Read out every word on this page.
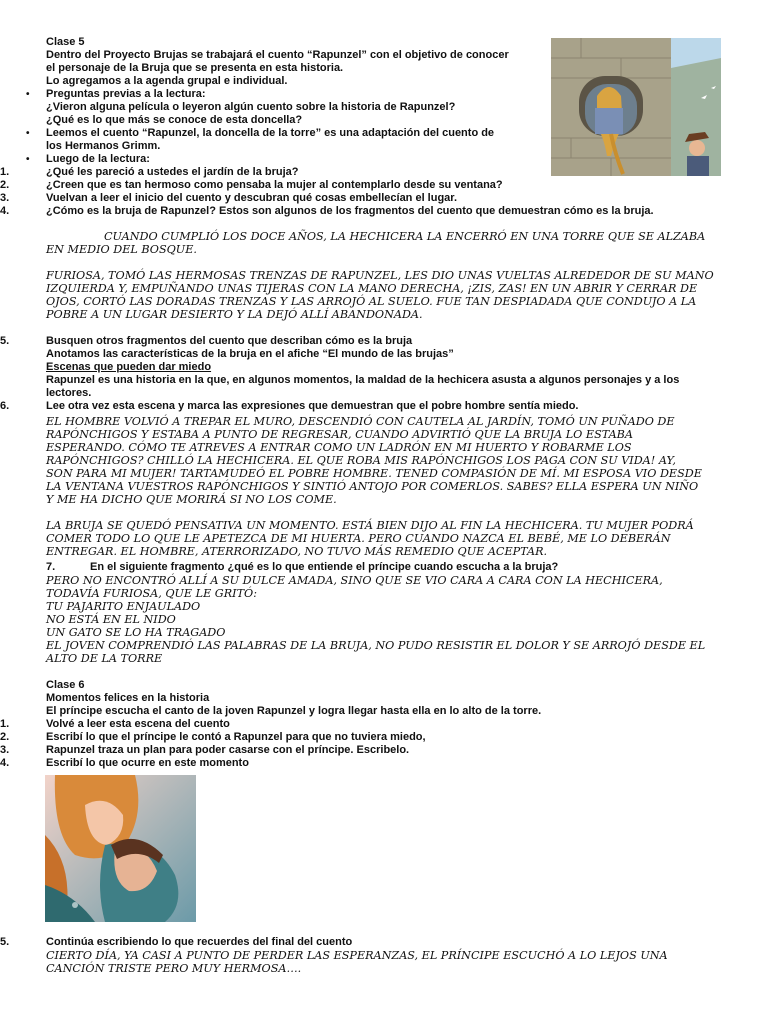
Clase 5
Dentro del Proyecto Brujas se trabajará el cuento “Rapunzel” con el objetivo de conocer
el personaje de la Bruja que se presenta en esta historia.
Lo agregamos a la agenda grupal e individual.
•	Preguntas previas a la lectura:
¿Vieron alguna película o leyeron algún cuento sobre la historia de Rapunzel?
¿Qué es lo que más se conoce de esta doncella?
•	Leemos el cuento “Rapunzel, la doncella de la torre” es una adaptación del cuento de
los Hermanos Grimm.
•	Luego de la lectura:
1.	¿Qué les pareció a ustedes el jardín de la bruja?
2.	¿Creen que es tan hermoso como pensaba la mujer al contemplarlo desde su ventana?
3.	Vuelvan a leer el inicio del cuento y descubran qué cosas embellecían el lugar.
4.	¿Cómo es la bruja de Rapunzel? Estos son algunos de los fragmentos del cuento que demuestran cómo es la bruja.
CUANDO CUMPLIÓ LOS DOCE AÑOS, LA HECHICERA LA ENCERRÓ EN UNA TORRE QUE SE ALZABA
EN MEDIO DEL BOSQUE.
FURIOSA, TOMÓ LAS HERMOSAS TRENZAS DE RAPUNZEL, LES DIO UNAS VUELTAS ALREDEDOR DE SU MANO
IZQUIERDA Y, EMPUÑANDO UNAS TIJERAS CON LA MANO DERECHA, ¡ZIS, ZAS! EN UN ABRIR Y CERRAR DE
OJOS, CORTÓ LAS DORADAS TRENZAS Y LAS ARROJÓ AL SUELO. FUE TAN DESPIADADA QUE CONDUJO A LA
POBRE A UN LUGAR DESIERTO Y LA DEJÓ ALLÍ ABANDONADA.
5.	Busquen otros fragmentos del cuento que describan cómo es la bruja
Anotamos las características de la bruja en el afiche “El mundo de las brujas”
Escenas que pueden dar miedo
Rapunzel es una historia en la que, en algunos momentos, la maldad de la hechicera asusta a algunos personajes y a los
lectores.
6.	Lee otra vez esta escena y marca las expresiones que demuestran que el pobre hombre sentía miedo.
EL HOMBRE VOLVIÓ A TREPAR EL MURO, DESCENDIÓ CON CAUTELA AL JARDÍN, TOMÓ UN PUÑADO DE
RAPÓNCHIGOS Y ESTABA A PUNTO DE REGRESAR, CUANDO ADVIRTIÓ QUE LA BRUJA LO ESTABA
ESPERANDO. CÓMO TE ATREVES A ENTRAR COMO UN LADRÓN EN MI HUERTO Y ROBARME LOS
RAPÓNCHIGOS? CHILLÓ LA HECHICERA. EL QUE ROBA MIS RAPÓNCHIGOS LOS PAGA CON SU VIDA! AY,
SON PARA MI MUJER! TARTAMUDEÓ EL POBRE HOMBRE. TENED COMPASIÓN DE MÍ. MI ESPOSA VIO DESDE
LA VENTANA VUESTROS RAPÓNCHIGOS Y SINTIÓ ANTOJO POR COMERLOS. SABES? ELLA ESPERA UN NIÑO
Y ME HA DICHO QUE MORIRÁ SI NO LOS COME.
LA BRUJA SE QUEDÓ PENSATIVA UN MOMENTO. ESTÁ BIEN DIJO AL FIN LA HECHICERA. TU MUJER PODRÁ
COMER TODO LO QUE LE APETEZCA DE MI HUERTA. PERO CUANDO NAZCA EL BEBÉ, ME LO DEBERÁN
ENTREGAR. EL HOMBRE, ATERRORIZADO, NO TUVO MÁS REMEDIO QUE ACEPTAR.
7.	En el siguiente fragmento ¿qué es lo que entiende el príncipe cuando escucha a la bruja?
PERO NO ENCONTRÓ ALLÍ A SU DULCE AMADA, SINO QUE SE VIO CARA A CARA CON LA HECHICERA,
TODAVÍA FURIOSA, QUE LE GRITÓ:
TU PAJARITO ENJAULADO
NO ESTÁ EN EL NIDO
UN GATO SE LO HA TRAGADO
EL JOVEN COMPRENDIÓ LAS PALABRAS DE LA BRUJA, NO PUDO RESISTIR EL DOLOR Y SE ARROJÓ DESDE EL
ALTO DE LA TORRE
Clase 6
Momentos felices en la historia
El príncipe escucha el canto de la joven Rapunzel y logra llegar hasta ella en lo alto de la torre.
1.	Volvé a leer esta escena del cuento
2.	Escribí lo que el príncipe le contó a Rapunzel para que no tuviera miedo,
3.	Rapunzel traza un plan para poder casarse con el príncipe. Escribelo.
4.	Escribí lo que ocurre en este momento
5.	Continúa escribiendo lo que recuerdes del final del cuento
CIERTO DÍA, YA CASI A PUNTO DE PERDER LAS ESPERANZAS, EL PRÍNCIPE ESCUCHÓ A LO LEJOS UNA
CANCIÓN TRISTE PERO MUY HERMOSA….
